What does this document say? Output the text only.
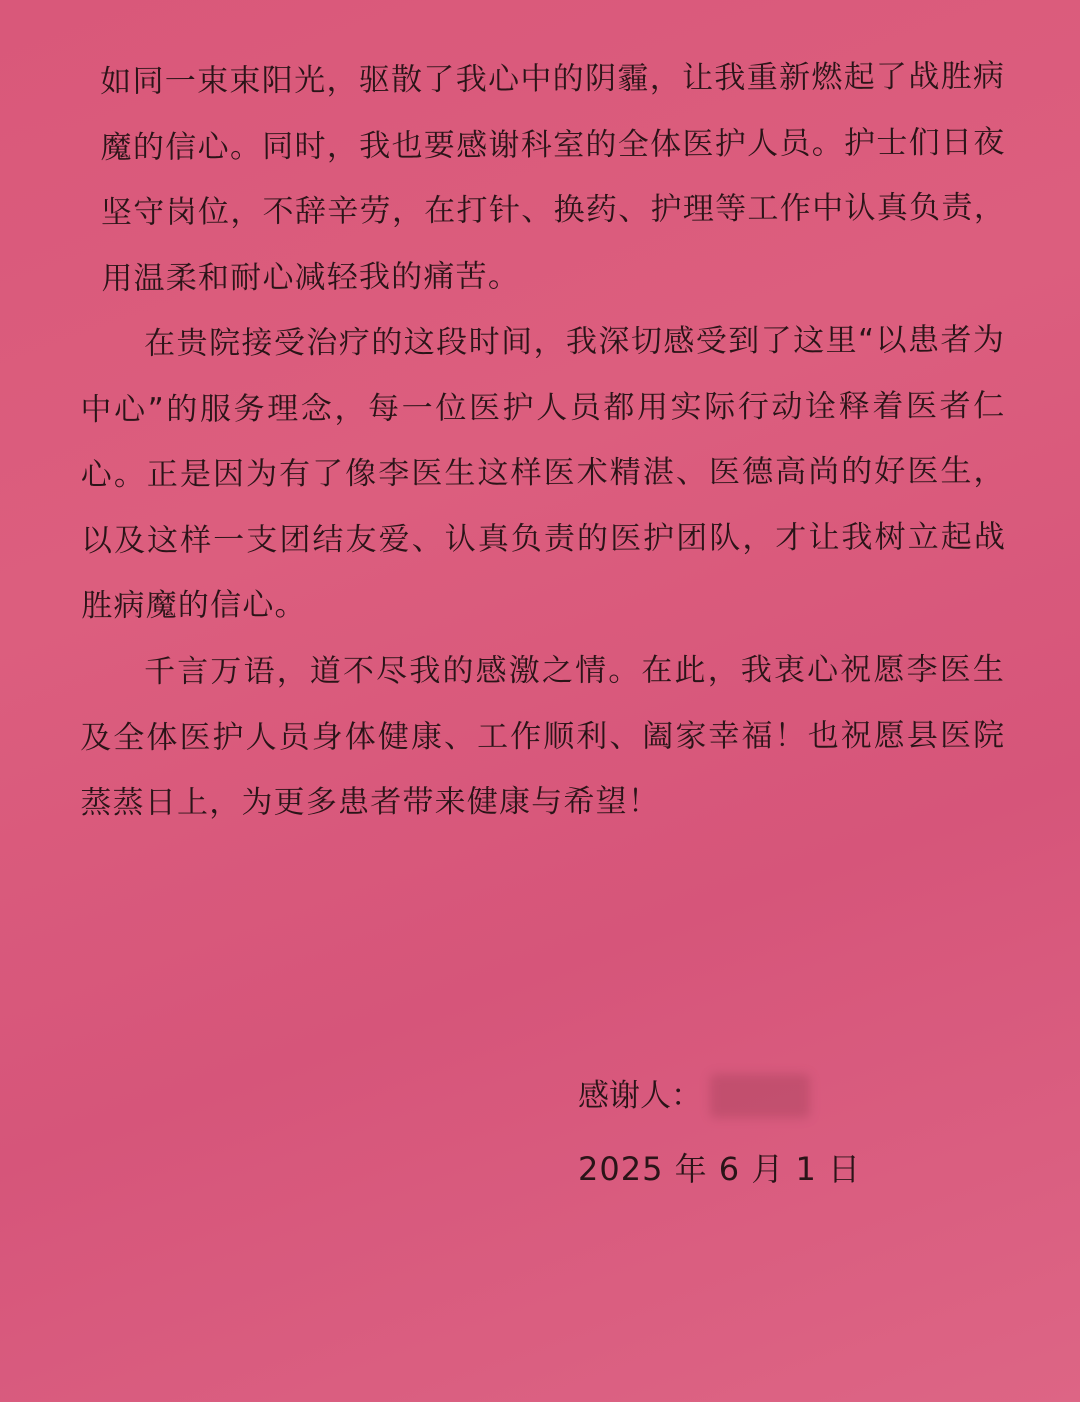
如同一束束阳光，驱散了我心中的阴霾，让我重新燃起了战胜病魔的信心。同时，我也要感谢科室的全体医护人员。护士们日夜坚守岗位，不辞辛劳，在打针、换药、护理等工作中认真负责，用温柔和耐心减轻我的痛苦。

在贵院接受治疗的这段时间，我深切感受到了这里“以患者为中心”的服务理念，每一位医护人员都用实际行动诠释着医者仁心。正是因为有了像李医生这样医术精湛、医德高尚的好医生，以及这样一支团结友爱、认真负责的医护团队，才让我树立起战胜病魔的信心。

千言万语，道不尽我的感激之情。在此，我衷心祝愿李医生及全体医护人员身体健康、工作顺利、阖家幸福！也祝愿县医院蒸蒸日上，为更多患者带来健康与希望！

感谢人：
2025 年 6 月 1 日
